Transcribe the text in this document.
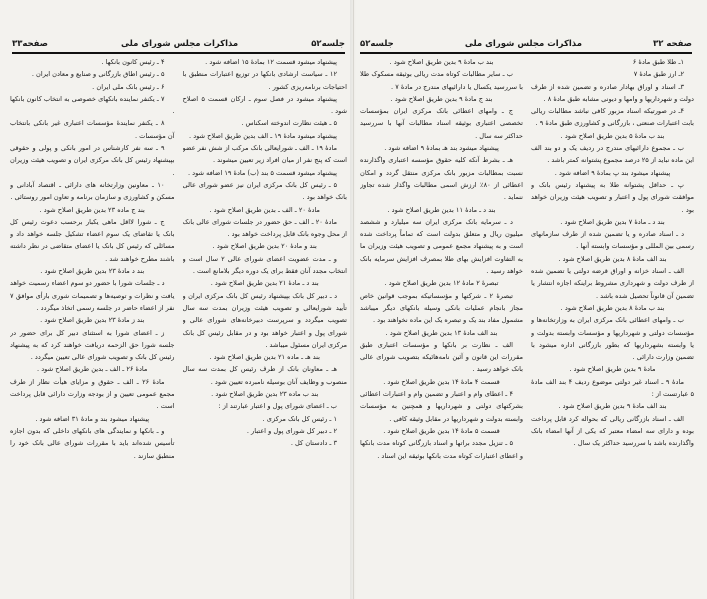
جلسه۵۲
مذاکرات مجلس شورای ملی
صفحه۳۳

پیشنهاد میشود قسمت ۱۲ بمادهٔ ۱۵ اضافه شود .

۱۲ ـ سیاست ارشادی بانکها در توزیع اعتبارات منطبق با احتیاجات برنامه‌ریزی کشور .

پیشنهاد میشود در فصل سوم ـ ارکان قسمت ۵ اصلاح شود .

۵ ـ هیئت نظارت اندوخته اسکناس .

پیشنهاد میشود مادهٔ ۱۹ ـ الف بدین طریق اصلاح شود .

مادهٔ ۱۹ ـ الف ـ شورایعالی بانک مرکب از شش نفر عضو است که پنج نفر از میان افراد زیر تعیین میشوند .

پیشنهاد میشود قسمت ۵ بند (ب) مادهٔ ۱۹ اضافه شود .

۵ ـ رئیس کل بانک مرکزی ایران نیز عضو شورای عالی بانک خواهد بود .

مادهٔ ۲۰ ـ الف ـ بدین طریق اصلاح شود .

مادهٔ ۲۰ ـ الف ـ حق حضور در جلسات شورای عالی بانک از محل وجوه بانک قابل پرداخت خواهد بود .

بند و مادهٔ ۲۰ بدین طریق اصلاح شود .

و ـ مدت عضویت اعضای شورای عالی ۲ سال است و انتخاب مجدد آنان فقط برای یک دوره دیگر بلامانع است .

بند د ـ مادهٔ ۲۱ بدین طریق اصلاح شود .

د ـ دبیر کل بانک بپیشنهاد رئیس کل بانک مرکزی ایران و تأیید شورایعالی و تصویب هیئت وزیران بمدت سه سال تصویب میگردد و سرپرست دبیرخانه‌های شورای عالی و شورای پول و اعتبار خواهد بود و در مقابل رئیس کل بانک مرکزی ایران مسئول میباشد .

بند هـ ـ ماده ۲۱ بدین طریق اصلاح شود .

هـ ـ معاونان بانک از طرف رئیس کل بمدت سه سال منصوب و وظایف آنان بوسیله نامبرده تعیین شود .

بند ب ماده ۲۳ بدین طریق اصلاح شود .

ب ـ اعضای شورای پول و اعتبار عبارتند از :

۱ ـ رئیس کل بانک مرکزی .

۲ ـ دبیر کل شورای پول و اعتبار .

۳ ـ دادستان کل .

۴ ـ رئیس کانون بانکها .

۵ ـ رئیس اطاق بازرگانی و صنایع و معادن ایران .

۶ ـ رئیس بانک ملی ایران .

۷ ـ یکنفر نماینده بانکهای خصوصی به انتخاب کانون بانکها .

۸ ـ یکنفر نمایندهٔ مؤسسات اعتباری غیر بانکی بانتخاب آن مؤسسات .

۹ ـ سه نفر کارشناس در امور بانکی و پولی و حقوقی بپیشنهاد رئیس کل بانک مرکزی ایران و تصویب هیئت وزیران .

۱۰ ـ معاونین وزارتخانه های دارائی ـ اقتصاد آبادانی و مسکن و کشاورزی و سازمان برنامه و تعاون امور روستائی .

بند ج ماده ۲۳ بدین طریق اصلاح شود .

ج ـ شورا لااقل ماهی یکبار برحسب دعوت رئیس کل بانک یا تقاضای یک سوم اعضاء تشکیل جلسه خواهد داد و مسائلی که رئیس کل بانک یا اعضای متقاضی در نظر داشته باشند مطرح خواهند شد .

بند د مادهٔ ۲۳ بدین طریق اصلاح شود .

د ـ جلسات شورا با حضور دو سوم اعضاء رسمیت خواهد یافت و نظرات و توصیه‌ها و تصمیمات شوری بارأی موافق ۷ نفر از اعضاء حاضر در جلسه رسمی اتخاذ میگردد .

بند ز مادهٔ ۲۳ بدین طریق اصلاح شود .

ز ـ اعضای شورا به استثنای دبیر کل برای حضور در جلسه شورا حق الزحمه دریافت خواهند کرد که به پیشنهاد رئیس کل بانک و تصویب شورای عالی تعیین میگردد .

مادهٔ ۲۶ ـ الف ـ بدین طریق اصلاح شود .

مادهٔ ۲۶ ـ الف ـ حقوق و مزایای هیأت نظار از طرف مجمع عمومی تعیین و از بودجه وزارت دارائی قابل پرداخت است .

پیشنهاد میشود بند و مادهٔ ۳۱ اضافه شود .

و ـ بانکها و نمایندگی های بانکهای داخلی که بدون اجازه تأسیس شده‌اند باید با مقررات شورای عالی بانک خود را منطبق سازند .

صفحه ۳۲
مذاکرات مجلس شورای ملی
جلسه۵۲

۱ـ طلا طبق مادهٔ ۶

۲ـ ارز طبق مادهٔ ۷

۳ـ اسناد و اوراق بهادار صادره و تضمین شده از طرف دولت و شهرداریها و وامها و دیونی مشابه طبق مادهٔ ۸ .

۴ـ در صورتیکه اسناد مزبور کافی نباشد مطالبات ریالی بابت اعتبارات صنعتی ، بازرگانی و کشاورزی طبق مادهٔ ۹ .

بند ب مادهٔ ۵ بدین طریق اصلاح شود .

ب ـ مجموع دارائیهای مندرج در ردیف یک و دو بند الف این ماده نباید از ۲۵ درصد مجموع پشتوانه کمتر باشد .

پیشنهاد میشود بند پ بمادهٔ ۹ اضافه شود .

پ ـ حداقل پشتوانه طلا به پیشنهاد رئیس بانک و موافقت شورای پول و اعتبار و تصویب هیئت وزیران خواهد بود .

بند د ـ مادهٔ ۷ بدین طریق اصلاح شود .

د ـ اسناد صادره و یا تضمین شده از طرف سازمانهای رسمی بین المللی و مؤسسات وابسته آنها .

بند الف مادهٔ ۸ بدین طریق اصلاح شود .

الف ـ اسناد خزانه و اوراق قرضه دولتی یا تضمین شده از طرف دولت و شهرداری مشروط براینکه اجازه انتشار یا تضمین آن قانوناً تحصیل شده باشد .

بند ب مادهٔ ۸ بدین طریق اصلاح شود .

ب ـ وامهای اعطائی بانک مرکزی ایران به وزارتخانه‌ها و مؤسسات دولتی و شهرداریها و مؤسسات وابسته بدولت و یا وابسته بشهرداریها که بطور بازرگانی اداره میشود با تضمین وزارت دارائی .

مادهٔ ۹ بدین طریق اصلاح شود .

مادهٔ ۹ ـ اسناد غیر دولتی موضوع ردیف ۴ بند الف مادهٔ ۵ عبارتست از :

بند الف مادهٔ ۹ بدین طریق اصلاح شود .

الف ـ اسناد بازرگانی ریالی که بحواله کرد قابل پرداخت بوده و دارای سه امضاء معتبر که یکی از آنها امضاء بانک واگذارنده باشد با سررسید حداکثر یک سال .

بند ب مادهٔ ۹ بدین طریق اصلاح شود .

ب ـ سایر مطالبات کوتاه مدت ریالی بوثیقه مسکوک طلا با سررسید یکسال یا دارائیهای مندرج در مادهٔ ۷ .

بند ج مادهٔ ۹ بدین طریق اصلاح شود .

ج ـ وامهای اعطائی بانک مرکزی ایران بمؤسسات تخصصی اعتباری بوثیقه اسناد مطالبات آنها با سررسید حداکثر سه سال .

پیشنهاد میشود بند هـ بمادهٔ ۹ اضافه شود .

هـ ـ بشرط آنکه کلیه حقوق مؤسسه اعتباری واگذارنده نسبت بمطالبات مزبور بانک مرکزی منتقل گردد و امکان اعطائی از ۸۰٪ ارزش اسمی مطالبات واگذار شده تجاوز ننماید .

بند د ـ مادهٔ ۱۱ بدین طریق اصلاح شود .

د ـ سرمایه بانک مرکزی ایران سه میلیارد و ششصد میلیون ریال و متعلق بدولت است که تماماً پرداخت شده است و به پیشنهاد مجمع عمومی و تصویب هیئت وزیران ما به التفاوت افزایش بهای طلا بمصرف افزایش سرمایه بانک خواهد رسید .

تبصرهٔ ۲ مادهٔ ۱۲ بدین طریق اصلاح شود .

تبصرهٔ ۲ ـ شرکتها و مؤسساتیکه بموجب قوانین خاص مجاز بانجام عملیات بانکی وسیله بانکهای دیگر میباشد مشمول مفاد بند یک و تبصره یک این ماده نخواهند بود .

بند الف مادهٔ ۱۳ بدین طریق اصلاح شود .

الف ـ نظارت بر بانکها و مؤسسات اعتباری طبق مقررات این قانون و آئین نامه‌هائیکه بتصویب شورای عالی بانک خواهد رسید .

قسمت ۴ مادهٔ ۱۴ بدین طریق اصلاح شود .

۴ ـ اعطای وام و اعتبار و تضمین وام و اعتبارات اعطائی بشرکتهای دولتی و شهرداریها و همچنین به مؤسسات وابسته بدولت و شهرداریها در مقابل وثیقه کافی .

قسمت ۵ مادهٔ ۱۴ بدین طریق اصلاح شود .

۵ ـ تنزیل مجدد براتها و اسناد بازرگانی کوتاه مدت بانکها و اعطای اعتبارات کوتاه مدت بانکها بوثیقه این اسناد .
